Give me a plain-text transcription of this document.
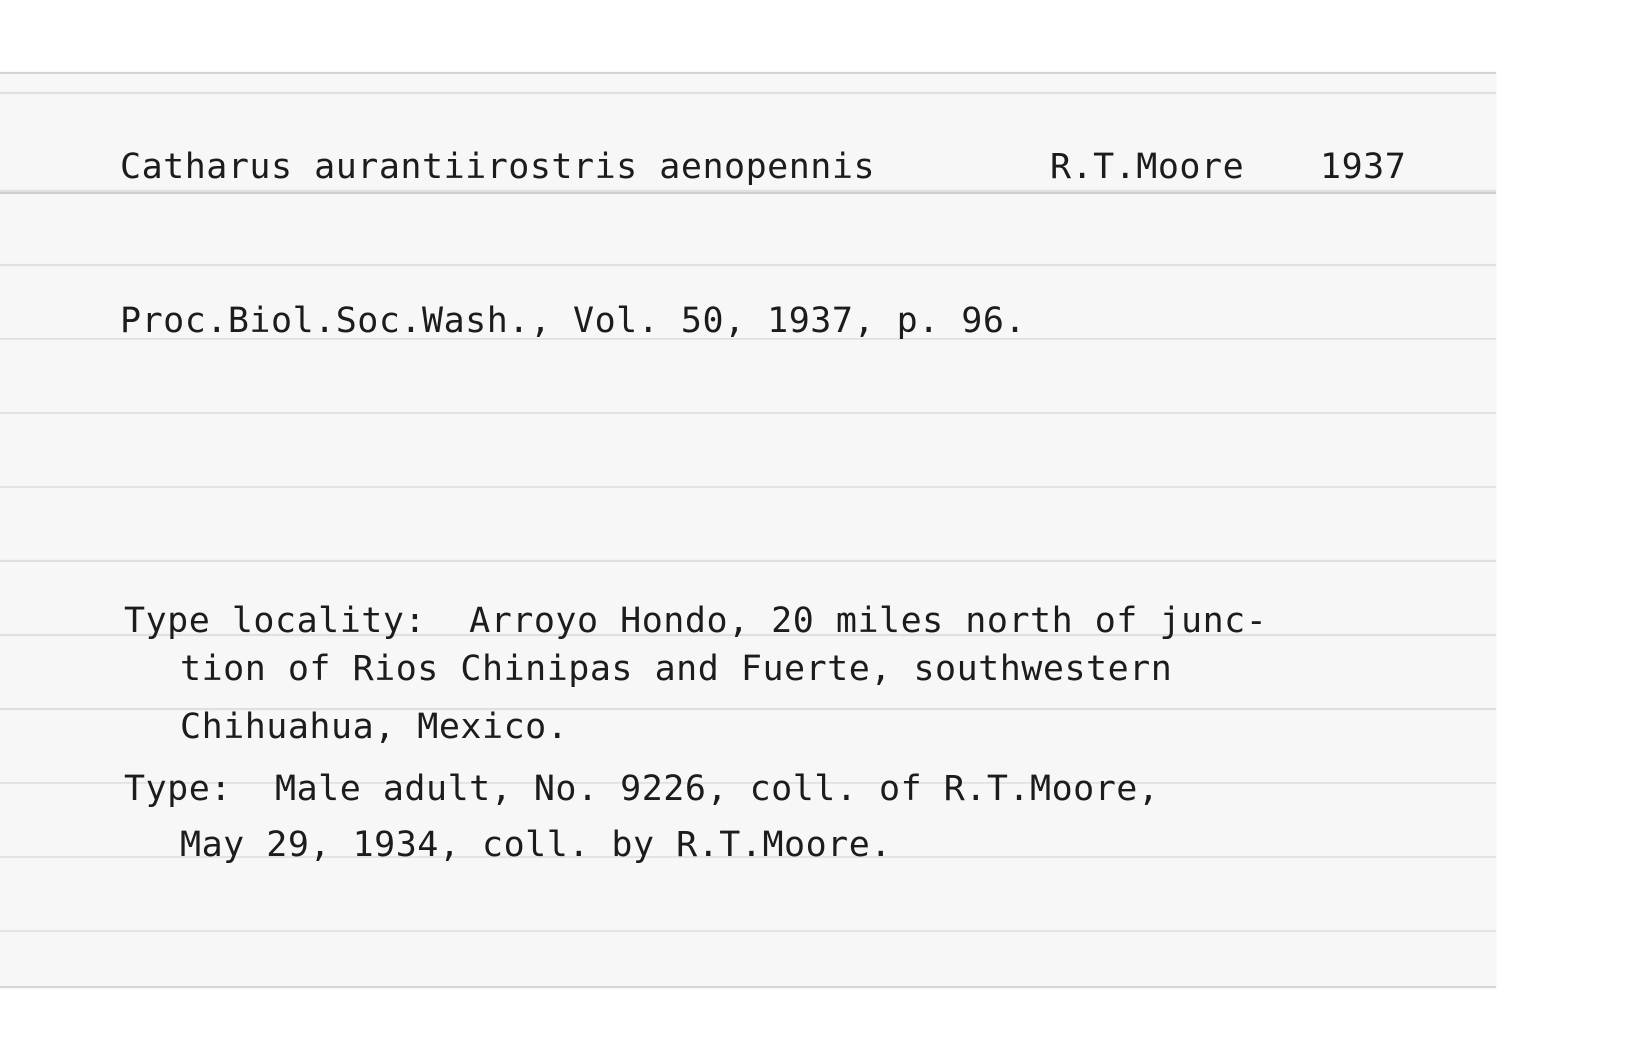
Catharus aurantiirostris aenopennis	R.T.Moore 1937

Proc.Biol.Soc.Wash., Vol. 50, 1937, p. 96.

Type locality:  Arroyo Hondo, 20 miles north of junc-

tion of Rios Chinipas and Fuerte, southwestern

Chihuahua, Mexico.

Type:  Male adult, No. 9226, coll. of R.T.Moore,

May 29, 1934, coll. by R.T.Moore.
